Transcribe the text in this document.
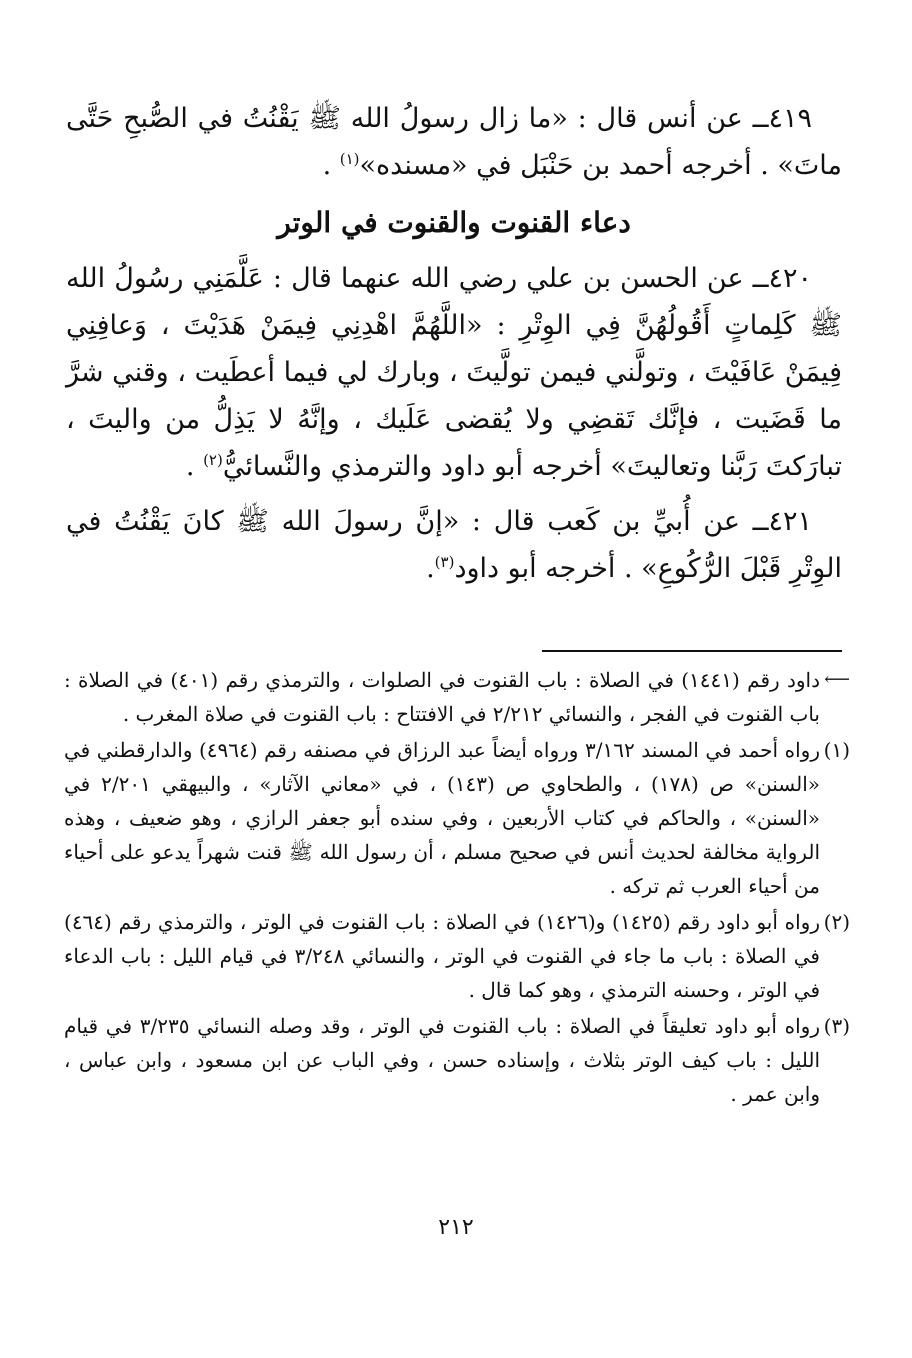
٤١٩ــ عن أنس قال : «ما زال رسولُ الله ﷺ يَقْنُتُ في الصُّبحِ حَتَّى ماتَ» . أخرجه أحمد بن حَنْبَل في «مسنده»$^{(١)}$ .

دعاء القنوت والقنوت في الوتر

٤٢٠ــ عن الحسن بن علي رضي الله عنهما قال : عَلَّمَنِي رسُولُ الله ﷺ كَلِماتٍ أَقُولُهُنَّ فِي الوِتْرِ : «اللَّهُمَّ اهْدِنِي فِيمَنْ هَدَيْتَ ، وَعافِنِي فِيمَنْ عَافَيْتَ ، وتولَّني فيمن تولَّيتَ ، وبارك لي فيما أعطَيت ، وقني شرَّ ما قَضَيت ، فإنَّك تَقضِي ولا يُقضى عَلَيك ، وإنَّهُ لا يَذِلُّ من واليتَ ، تبارَكتَ رَبَّنا وتعاليتَ» أخرجه أبو داود والترمذي والنَّسائيُّ$^{(٢)}$ .

٤٢١ــ عن أُبيِّ بن كَعب قال : «إنَّ رسولَ الله ﷺ كانَ يَقْنُتُ في الوِتْرِ قَبْلَ الرُّكُوعِ» . أخرجه أبو داود$^{(٣)}$.

⟵
داود رقم (١٤٤١) في الصلاة : باب القنوت في الصلوات ، والترمذي رقم (٤٠١) في الصلاة : باب القنوت في الفجر ، والنسائي ٢/٢١٢ في الافتتاح : باب القنوت في صلاة المغرب .
(١)
رواه أحمد في المسند ٣/١٦٢ ورواه أيضاً عبد الرزاق في مصنفه رقم (٤٩٦٤) والدارقطني في «السنن» ص (١٧٨) ، والطحاوي ص (١٤٣) ، في «معاني الآثار» ، والبيهقي ٢/٢٠١ في «السنن» ، والحاكم في كتاب الأربعين ، وفي سنده أبو جعفر الرازي ، وهو ضعيف ، وهذه الرواية مخالفة لحديث أنس في صحيح مسلم ، أن رسول الله ﷺ قنت شهراً يدعو على أحياء من أحياء العرب ثم تركه .
(٢)
رواه أبو داود رقم (١٤٢٥) و(١٤٢٦) في الصلاة : باب القنوت في الوتر ، والترمذي رقم (٤٦٤) في الصلاة : باب ما جاء في القنوت في الوتر ، والنسائي ٣/٢٤٨ في قيام الليل : باب الدعاء في الوتر ، وحسنه الترمذي ، وهو كما قال .
(٣)
رواه أبو داود تعليقاً في الصلاة : باب القنوت في الوتر ، وقد وصله النسائي ٣/٢٣٥ في قيام الليل : باب كيف الوتر بثلاث ، وإسناده حسن ، وفي الباب عن ابن مسعود ، وابن عباس ، وابن عمر .
٢١٢
